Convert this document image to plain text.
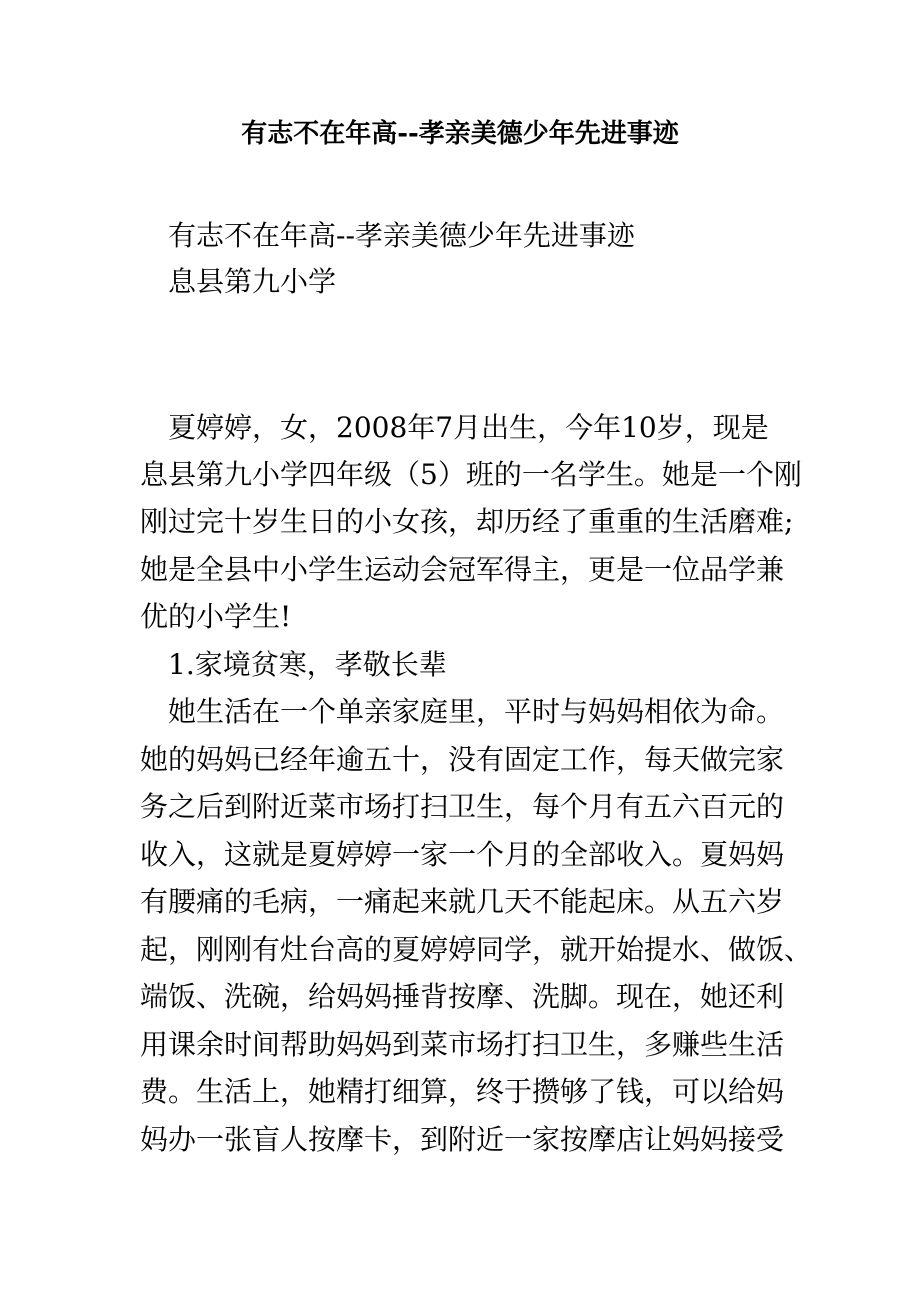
有志不在年高--孝亲美德少年先进事迹

有志不在年高--孝亲美德少年先进事迹

息县第九小学

夏婷婷，女，2008年7月出生，今年10岁，现是

息县第九小学四年级（5）班的一名学生。她是一个刚

刚过完十岁生日的小女孩，却历经了重重的生活磨难;

她是全县中小学生运动会冠军得主，更是一位品学兼

优的小学生!

1.家境贫寒，孝敬长辈

她生活在一个单亲家庭里，平时与妈妈相依为命。

她的妈妈已经年逾五十，没有固定工作，每天做完家

务之后到附近菜市场打扫卫生，每个月有五六百元的

收入，这就是夏婷婷一家一个月的全部收入。夏妈妈

有腰痛的毛病，一痛起来就几天不能起床。从五六岁

起，刚刚有灶台高的夏婷婷同学，就开始提水、做饭、

端饭、洗碗，给妈妈捶背按摩、洗脚。现在，她还利

用课余时间帮助妈妈到菜市场打扫卫生，多赚些生活

费。生活上，她精打细算，终于攒够了钱，可以给妈

妈办一张盲人按摩卡，到附近一家按摩店让妈妈接受
